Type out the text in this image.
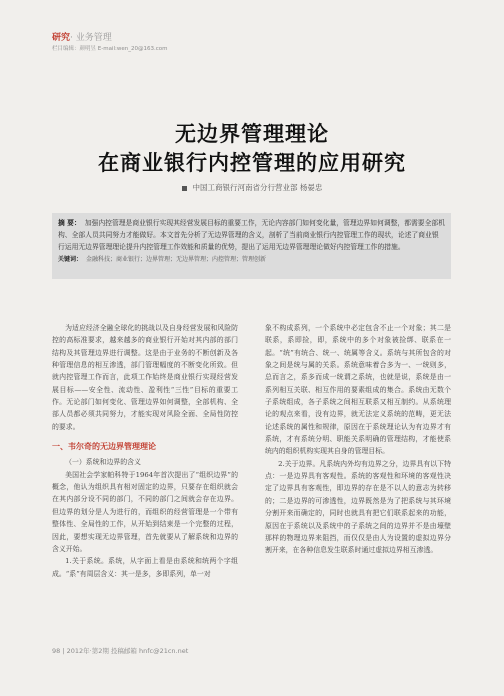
研究· 业务管理
栏目编辑：颜明昱 E-mail:wen_20@163.com
无边界管理理论
在商业银行内控管理的应用研究
中国工商银行河南省分行营业部 杨晏忠

摘 要： 加强内控管理是商业银行实现其经营发展目标的重要工作，无论内容部门如何变化量，管理边界如何调整，都需要全部机构、全部人员共同努力才能做好。本文首先分析了无边界管理的含义，剖析了当前商业银行内控管理工作的现状，论述了商业银行运用无边界管理理论提升内控管理工作效能和质量的优势，提出了运用无边界管理理论做好内控管理工作的措施。

关键词： 金融科技；商业银行；边界管理；无边界管理；内控管理；管理创新

为适应经济全融全球化的挑战以及自身经营发展和风险防控的高标准要求，越来越多的商业银行开始对其内部的部门结构及其管理边界进行调整。这是由于业务的不断创新及各种管理信息的相互渗透，部门管理幅度的不断变化所致。但就内控管理工作而言，此项工作始终是商业银行实现经营发展目标——安全性、流动性、盈利性“三性”目标的重要工作。无论部门如何变化、管理边界如何调整，全部机构、全部人员都必须共同努力，才能实现对风险全面、全局性防控的要求。

一、韦尔奇的无边界管理理论

（一）系统和边界的含义

美国社会学家帕科特于1964年首次提出了“组织边界”的概念，他认为组织具有相对固定的边界，只要存在组织就会在其内部分设不同的部门，不同的部门之间就会存在边界。但边界的划分是人为进行的，而组织的经营管理是一个带有整体性、全局性的工作，从开始到结束是一个完整的过程，因此，要想实现无边界管理，首先就要从了解系统和边界的含义开始。

1.关于系统。系统，从字面上看是由系统和统两个字组成。“系”有周层含义：其一是多，多即系列，单一对

象不构成系列，一个系统中必定包含不止一个对象；其二是联系，系即捡，即，系统中的多个对象被捡绑、联系在一起。“统”有统合、统一、统属等含义。系统与其所包含的对象之间是统与属的关系。系统意味着合多为一、一统则多，总而言之，系多而成一统谓之系统，也就是说，系统是由一系列相互关联、相互作用的要素组成的集合。系统由无数个子系统组成，各子系统之间相互联系又相互制约。从系统理论的观点来看，没有边界，就无法定义系统的范畴，更无法论述系统的属性和规律，原因在于系统理论认为有边界才有系统，才有系统分明、职能关系明确的管理结构，才能使系统内的组织机构实现其自身的管理目标。

2.关于边界。凡系统内外均有边界之分，边界具有以下特点：一是边界具有客观性。系统的客观性和环境的客观性决定了边界具有客观性，即边界的存在是不以人的意志为转移的；二是边界的可渗透性，边界既然是为了把系统与其环境分割开来而确定的，同时也就具有把它们联系起来的功能，原因在于系统以及系统中的子系统之间的边界并不是由壕壁那样的物理边界来阻挡，而仅仅是由人为设置的虚拟边界分割开来，在各种信息发生联系时通过虚拟边界相互渗透。

98 | 2012年·第2期 投稿邮箱 hnfc@21cn.net
